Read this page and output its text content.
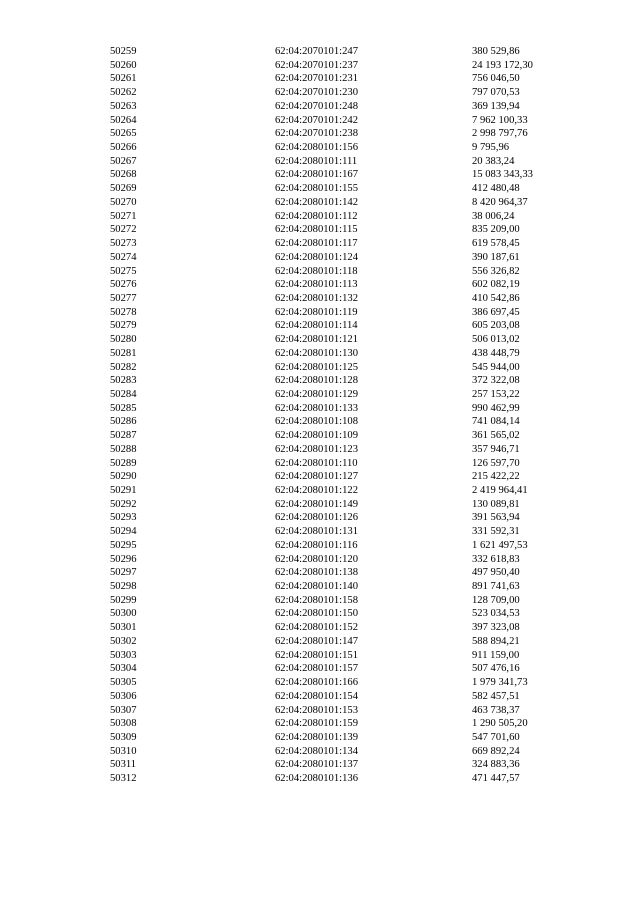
50259	62:04:2070101:247	380 529,86
50260	62:04:2070101:237	24 193 172,30
50261	62:04:2070101:231	756 046,50
50262	62:04:2070101:230	797 070,53
50263	62:04:2070101:248	369 139,94
50264	62:04:2070101:242	7 962 100,33
50265	62:04:2070101:238	2 998 797,76
50266	62:04:2080101:156	9 795,96
50267	62:04:2080101:111	20 383,24
50268	62:04:2080101:167	15 083 343,33
50269	62:04:2080101:155	412 480,48
50270	62:04:2080101:142	8 420 964,37
50271	62:04:2080101:112	38 006,24
50272	62:04:2080101:115	835 209,00
50273	62:04:2080101:117	619 578,45
50274	62:04:2080101:124	390 187,61
50275	62:04:2080101:118	556 326,82
50276	62:04:2080101:113	602 082,19
50277	62:04:2080101:132	410 542,86
50278	62:04:2080101:119	386 697,45
50279	62:04:2080101:114	605 203,08
50280	62:04:2080101:121	506 013,02
50281	62:04:2080101:130	438 448,79
50282	62:04:2080101:125	545 944,00
50283	62:04:2080101:128	372 322,08
50284	62:04:2080101:129	257 153,22
50285	62:04:2080101:133	990 462,99
50286	62:04:2080101:108	741 084,14
50287	62:04:2080101:109	361 565,02
50288	62:04:2080101:123	357 946,71
50289	62:04:2080101:110	126 597,70
50290	62:04:2080101:127	215 422,22
50291	62:04:2080101:122	2 419 964,41
50292	62:04:2080101:149	130 089,81
50293	62:04:2080101:126	391 563,94
50294	62:04:2080101:131	331 592,31
50295	62:04:2080101:116	1 621 497,53
50296	62:04:2080101:120	332 618,83
50297	62:04:2080101:138	497 950,40
50298	62:04:2080101:140	891 741,63
50299	62:04:2080101:158	128 709,00
50300	62:04:2080101:150	523 034,53
50301	62:04:2080101:152	397 323,08
50302	62:04:2080101:147	588 894,21
50303	62:04:2080101:151	911 159,00
50304	62:04:2080101:157	507 476,16
50305	62:04:2080101:166	1 979 341,73
50306	62:04:2080101:154	582 457,51
50307	62:04:2080101:153	463 738,37
50308	62:04:2080101:159	1 290 505,20
50309	62:04:2080101:139	547 701,60
50310	62:04:2080101:134	669 892,24
50311	62:04:2080101:137	324 883,36
50312	62:04:2080101:136	471 447,57
